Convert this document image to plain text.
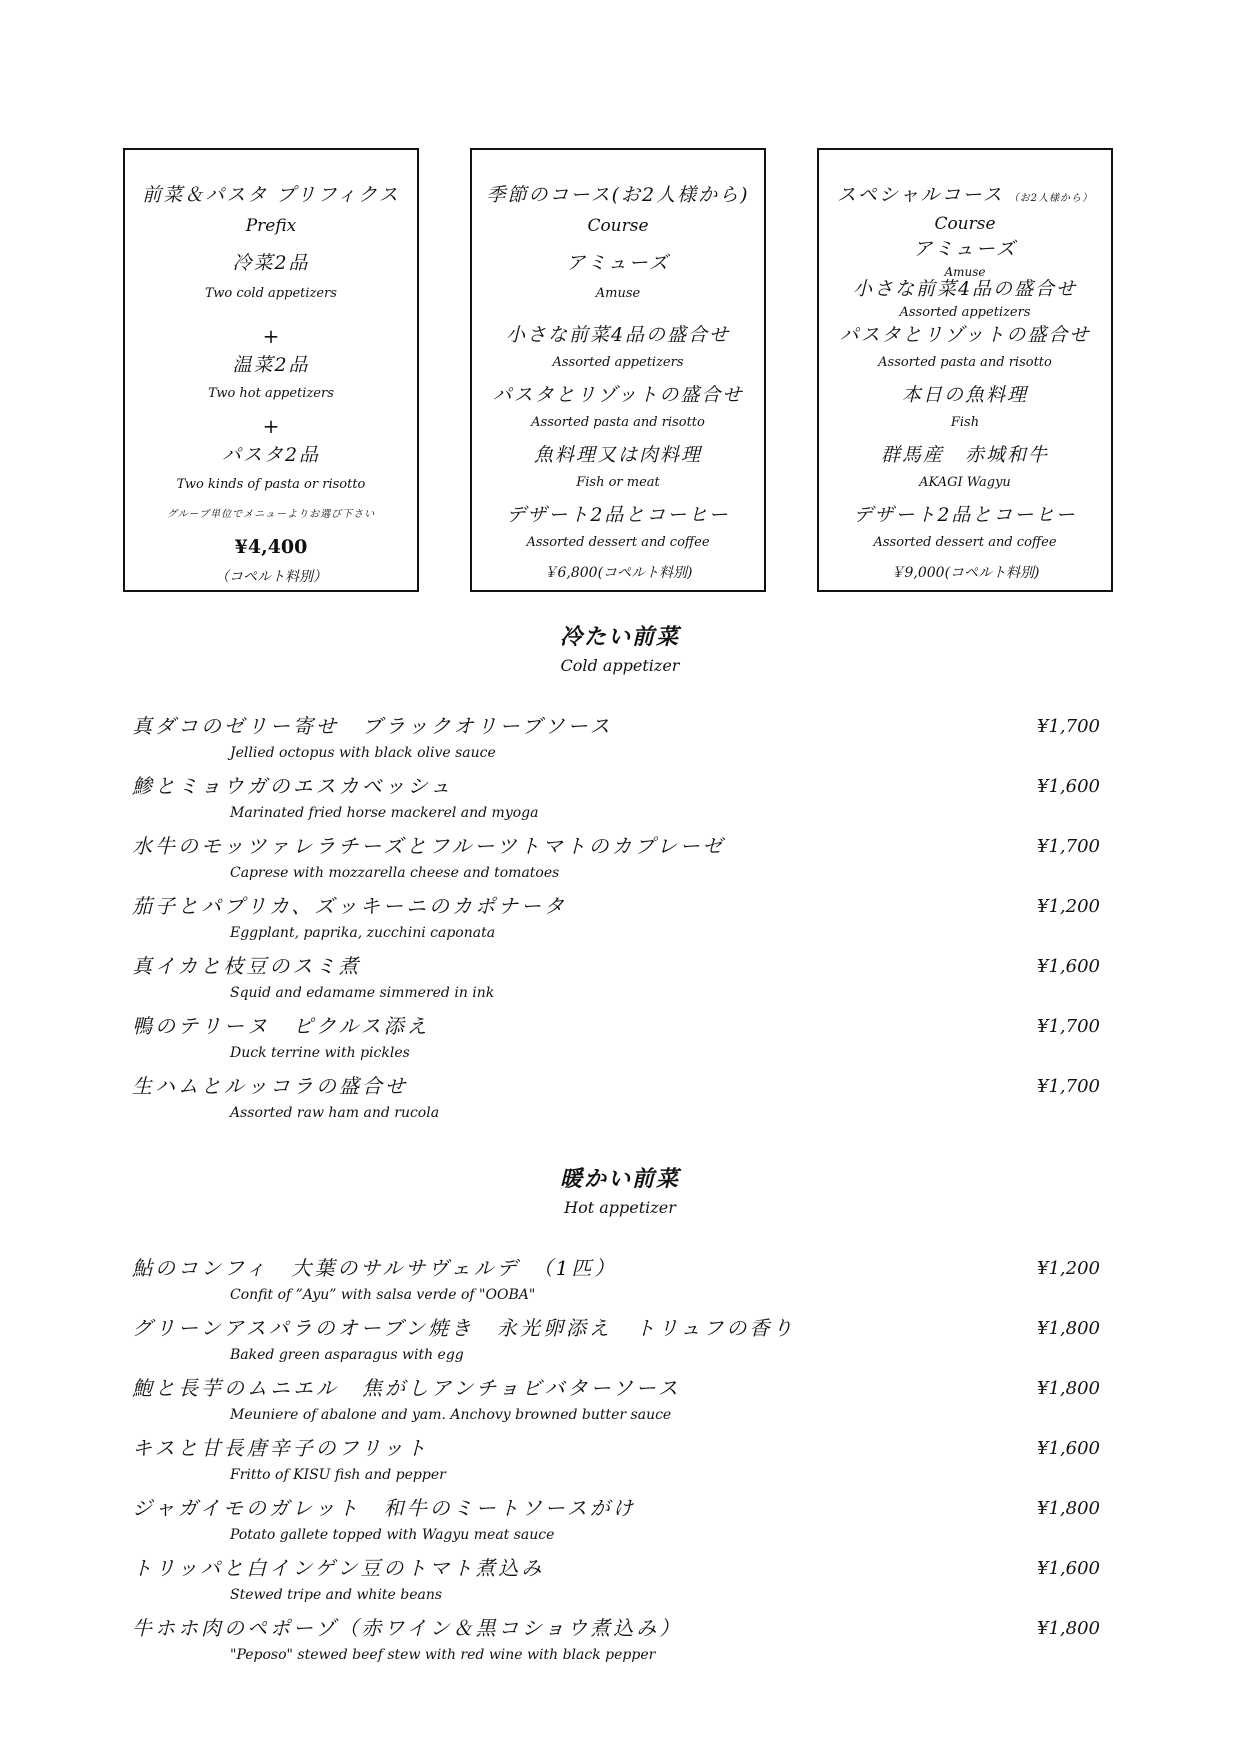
前菜＆パスタ プリフィクス
Prefix
冷菜2品
Two cold appetizers
+
温菜2品
Two hot appetizers
+
パスタ2品
Two kinds of pasta or risotto
グループ単位でメニューよりお選び下さい
¥4,400
（コペルト料別）
季節のコース(お2人様から)
Course
アミューズ
Amuse
小さな前菜4品の盛合せ
Assorted appetizers
パスタとリゾットの盛合せ
Assorted pasta and risotto
魚料理又は肉料理
Fish or meat
デザート2品とコーヒー
Assorted dessert and coffee
￥6,800(コペルト料別)
スペシャルコース （お2人様から）
Course
アミューズ
Amuse
小さな前菜4品の盛合せ
Assorted appetizers
パスタとリゾットの盛合せ
Assorted pasta and risotto
本日の魚料理
Fish
群馬産　赤城和牛
AKAGI Wagyu
デザート2品とコーヒー
Assorted dessert and coffee
￥9,000(コペルト料別)
冷たい前菜
Cold appetizer
真ダコのゼリー寄せ　ブラックオリーブソース
Jellied octopus with black olive sauce
¥1,700
鯵とミョウガのエスカベッシュ
Marinated fried horse mackerel and myoga
¥1,600
水牛のモッツァレラチーズとフルーツトマトのカプレーゼ
Caprese with mozzarella cheese and tomatoes
¥1,700
茄子とパプリカ、ズッキーニのカポナータ
Eggplant, paprika, zucchini caponata
¥1,200
真イカと枝豆のスミ煮
Squid and edamame simmered in ink
¥1,600
鴨のテリーヌ　ピクルス添え
Duck terrine with pickles
¥1,700
生ハムとルッコラの盛合せ
Assorted raw ham and rucola
¥1,700
暖かい前菜
Hot appetizer
鮎のコンフィ　大葉のサルサヴェルデ　（1匹）
Confit of ”Ayu” with salsa verde of "OOBA"
¥1,200
グリーンアスパラのオーブン焼き　永光卵添え　トリュフの香り
Baked green asparagus with egg
¥1,800
鮑と長芋のムニエル　焦がしアンチョビバターソース
Meuniere of abalone and yam. Anchovy browned butter sauce
¥1,800
キスと甘長唐辛子のフリット
Fritto of KISU fish and pepper
¥1,600
ジャガイモのガレット　和牛のミートソースがけ
Potato gallete topped with Wagyu meat sauce
¥1,800
トリッパと白インゲン豆のトマト煮込み
Stewed tripe and white beans
¥1,600
牛ホホ肉のペポーゾ（赤ワイン＆黒コショウ煮込み）
"Peposo" stewed beef stew with red wine with black pepper
¥1,800
